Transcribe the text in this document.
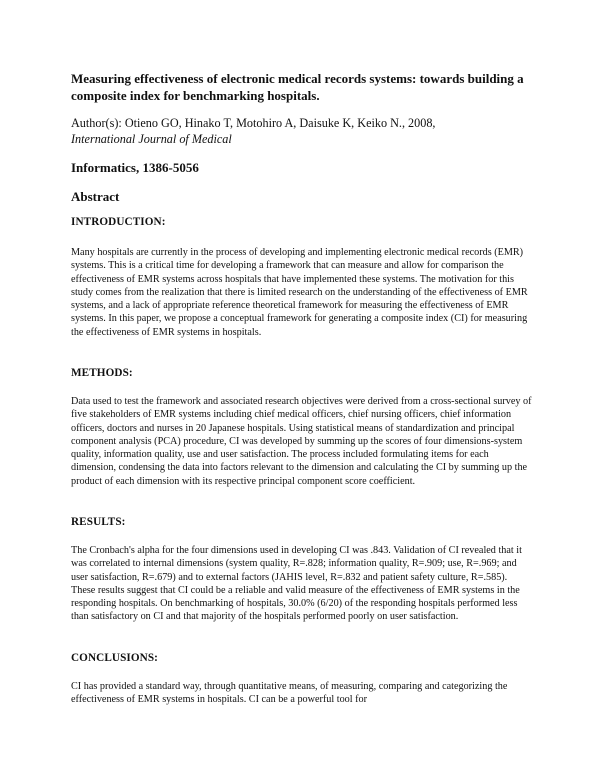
Measuring effectiveness of electronic medical records systems: towards building a composite index for benchmarking hospitals.

Author(s): Otieno GO, Hinako T, Motohiro A, Daisuke K, Keiko N., 2008,
International Journal of Medical

Informatics, 1386-5056

Abstract
INTRODUCTION:

Many hospitals are currently in the process of developing and implementing electronic medical records (EMR) systems. This is a critical time for developing a framework that can measure and allow for comparison the effectiveness of EMR systems across hospitals that have implemented these systems. The motivation for this study comes from the realization that there is limited research on the understanding of the effectiveness of EMR systems, and a lack of appropriate reference theoretical framework for measuring the effectiveness of EMR systems. In this paper, we propose a conceptual framework for generating a composite index (CI) for measuring the effectiveness of EMR systems in hospitals.

METHODS:

Data used to test the framework and associated research objectives were derived from a cross-sectional survey of five stakeholders of EMR systems including chief medical officers, chief nursing officers, chief information officers, doctors and nurses in 20 Japanese hospitals. Using statistical means of standardization and principal component analysis (PCA) procedure, CI was developed by summing up the scores of four dimensions-system quality, information quality, use and user satisfaction. The process included formulating items for each dimension, condensing the data into factors relevant to the dimension and calculating the CI by summing up the product of each dimension with its respective principal component score coefficient.

RESULTS:

The Cronbach's alpha for the four dimensions used in developing CI was .843. Validation of CI revealed that it was correlated to internal dimensions (system quality, R=.828; information quality, R=.909; use, R=.969; and user satisfaction, R=.679) and to external factors (JAHIS level, R=.832 and patient safety culture, R=.585). These results suggest that CI could be a reliable and valid measure of the effectiveness of EMR systems in the responding hospitals. On benchmarking of hospitals, 30.0% (6/20) of the responding hospitals performed less than satisfactory on CI and that majority of the hospitals performed poorly on user satisfaction.

CONCLUSIONS:

CI has provided a standard way, through quantitative means, of measuring, comparing and categorizing the effectiveness of EMR systems in hospitals. CI can be a powerful tool for
